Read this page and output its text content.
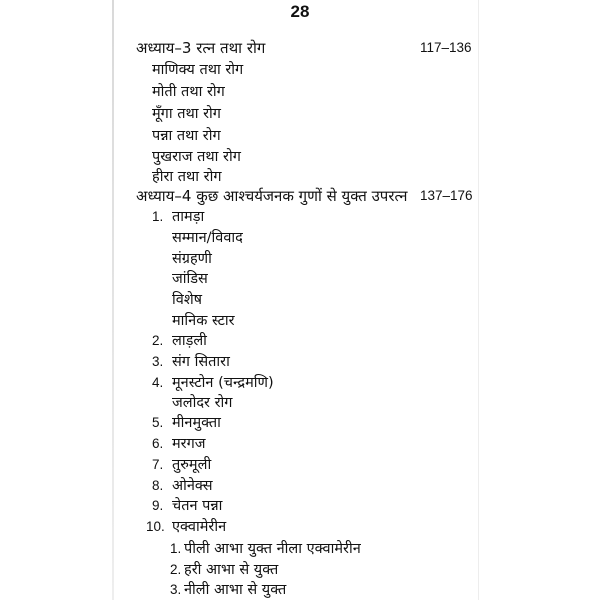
28
अध्याय–3 रत्न तथा रोग	117–136
माणिक्य तथा रोग
मोती तथा रोग
मूँगा तथा रोग
पन्ना तथा रोग
पुखराज तथा रोग
हीरा तथा रोग
अध्याय–4 कुछ आश्चर्यजनक गुणों से युक्त उपरत्न 137–176
1. तामड़ा
सम्मान/विवाद
संग्रहणी
जांडिस
विशेष
मानिक स्टार
2. लाड़ली
3. संग सितारा
4. मूनस्टोन (चन्द्रमणि)
जलोदर रोग
5. मीनमुक्ता
6. मरगज
7. तुरुमूली
8. ओनेक्स
9. चेतन पन्ना
10. एक्वामेरीन
1. पीली आभा युक्त नीला एक्वामेरीन
2. हरी आभा से युक्त
3. नीली आभा से युक्त
